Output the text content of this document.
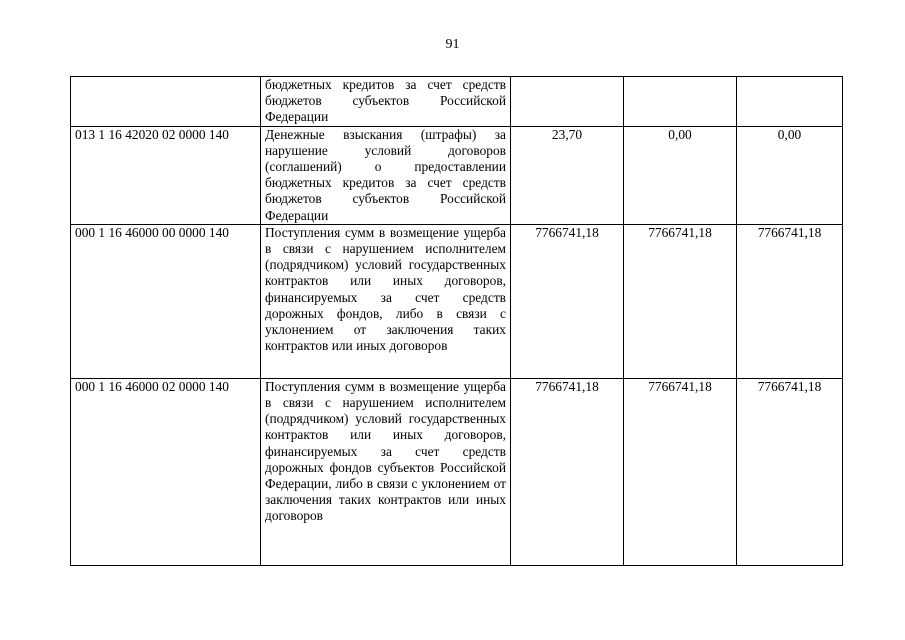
91
	бюджетных кредитов за счет средств бюджетов субъектов Российской Федерации			
013 1 16 42020 02 0000 140	Денежные взыскания (штрафы) за нарушение условий договоров (соглашений) о предоставлении бюджетных кредитов за счет средств бюджетов субъектов Российской Федерации	23,70	0,00	0,00
000 1 16 46000 00 0000 140	Поступления сумм в возмещение ущерба в связи с нарушением исполнителем (подрядчиком) условий государственных контрактов или иных договоров, финансируемых за счет средств дорожных фондов, либо в связи с уклонением от заключения таких контрактов или иных договоров	7766741,18	7766741,18	7766741,18
000 1 16 46000 02 0000 140	Поступления сумм в возмещение ущерба в связи с нарушением исполнителем (подрядчиком) условий государственных контрактов или иных договоров, финансируемых за счет средств дорожных фондов субъектов Российской Федерации, либо в связи с уклонением от заключения таких контрактов или иных договоров	7766741,18	7766741,18	7766741,18
